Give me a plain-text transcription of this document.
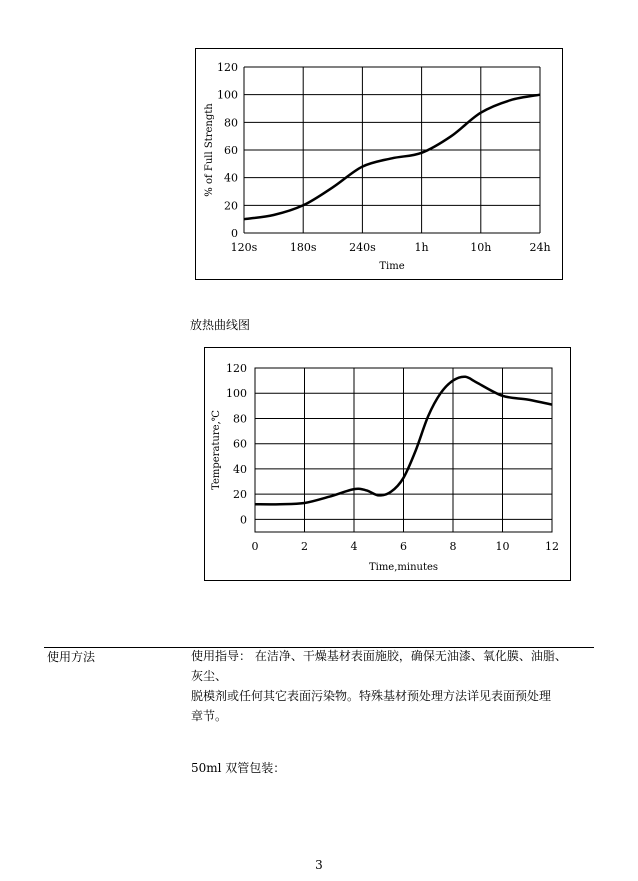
0
20
40
60
80
100
120
120s	180s	240s	1h	10h	24h
Time
% of Full Strength
放热曲线图
0	2	4	6	8	10	12
0
20
40
60
80
100
120
Time,minutes
Temperature,℃
使用方法	使用指导： 在洁净、干燥基材表面施胶，确保无油漆、氧化膜、油脂、
灰尘、
脱模剂或任何其它表面污染物。特殊基材预处理方法详见表面预处理
章节。
50ml 双管包装：
3
